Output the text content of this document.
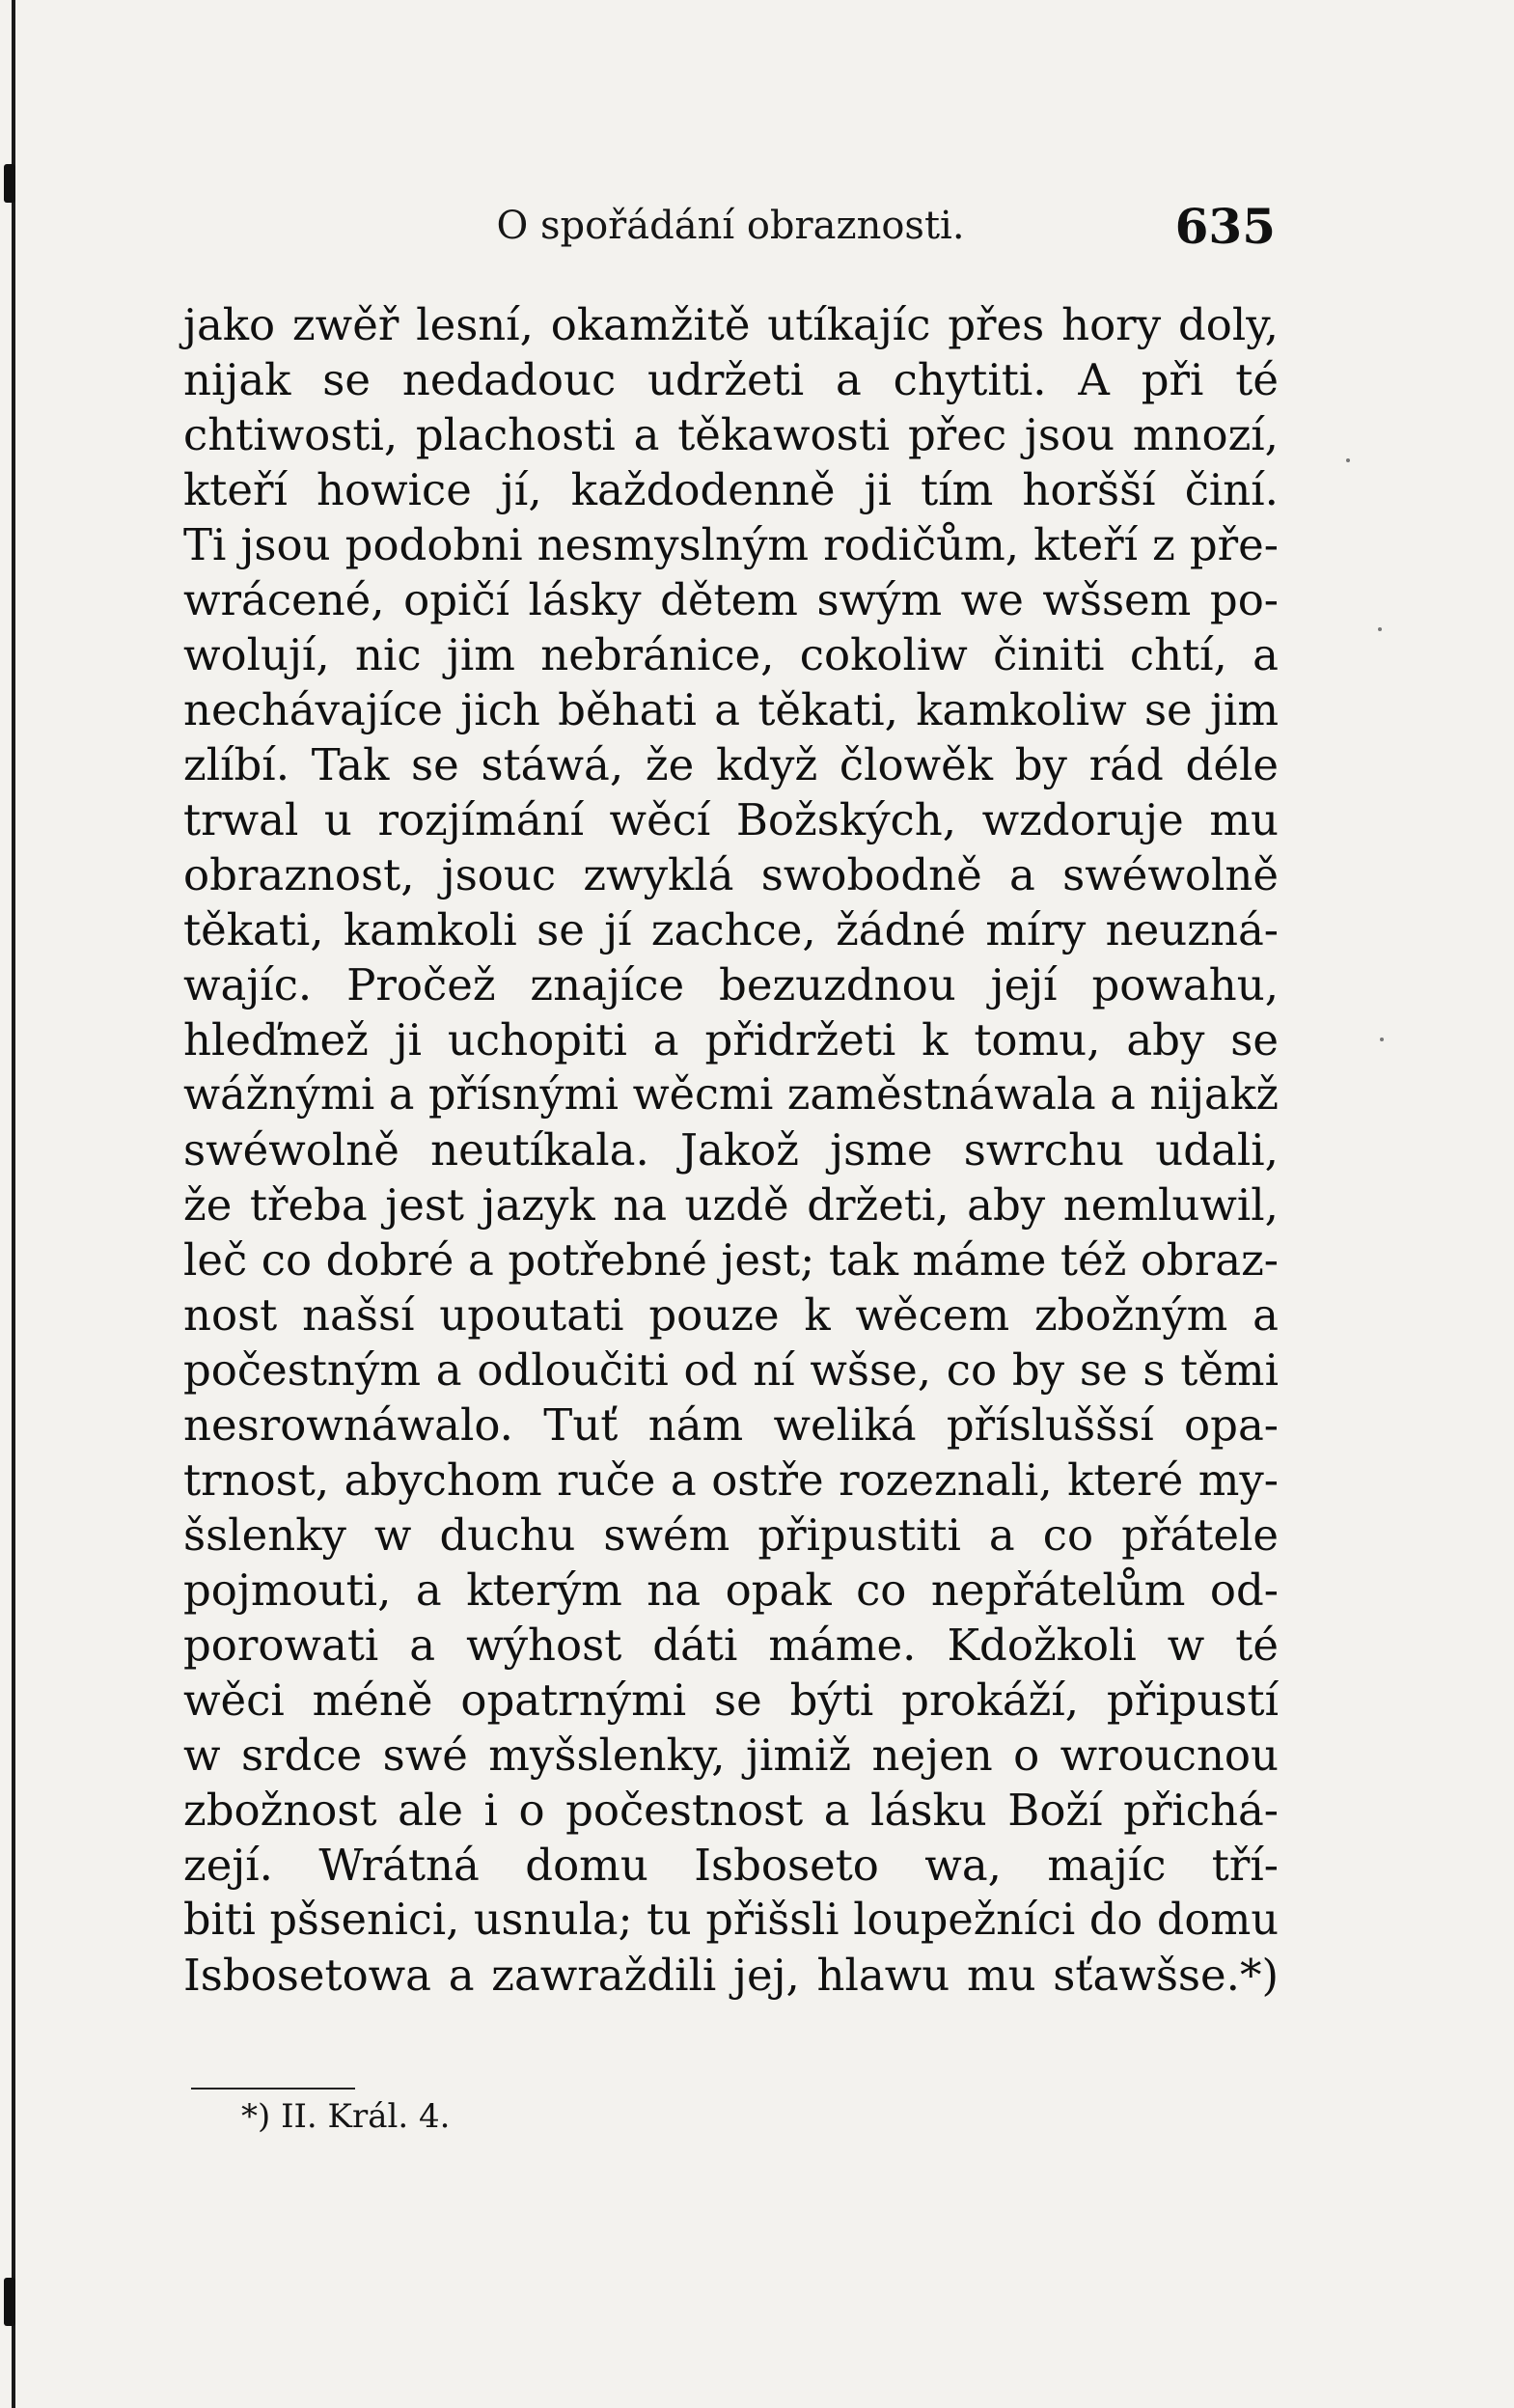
O spořádání obraznosti.	635
jako zwěř lesní, okamžitě utíkajíc přes hory doly,
nijak se nedadouc udržeti a chytiti. A při té
chtiwosti, plachosti a těkawosti přec jsou mnozí,
kteří howice jí, každodenně ji tím horšší činí.
Ti jsou podobni nesmyslným rodičům, kteří z pře-
wrácené, opičí lásky dětem swým we wšsem po-
wolují, nic jim nebránice, cokoliw činiti chtí, a
nechávajíce jich běhati a těkati, kamkoliw se jim
zlíbí. Tak se stáwá, že když člowěk by rád déle
trwal u rozjímání wěcí Božských, wzdoruje mu
obraznost, jsouc zwyklá swobodně a swéwolně
těkati, kamkoli se jí zachce, žádné míry neuzná-
wajíc. Pročež znajíce bezuzdnou její powahu,
hleďmež ji uchopiti a přidržeti k tomu, aby se
wážnými a přísnými wěcmi zaměstnáwala a nijakž
swéwolně neutíkala. Jakož jsme swrchu udali,
že třeba jest jazyk na uzdě držeti, aby nemluwil,
leč co dobré a potřebné jest; tak máme též obraz-
nost našsí upoutati pouze k wěcem zbožným a
počestným a odloučiti od ní wšse, co by se s těmi
nesrownáwalo. Tuť nám weliká přísluššsí opa-
trnost, abychom ruče a ostře rozeznali, které my-
šslenky w duchu swém připustiti a co přátele
pojmouti, a kterým na opak co nepřátelům od-
porowati a wýhost dáti máme. Kdožkoli w té
wěci méně opatrnými se býti prokáží, připustí
w srdce swé myšslenky, jimiž nejen o wroucnou
zbožnost ale i o počestnost a lásku Boží přichá-
zejí. Wrátná domu Isboseto wa, majíc tří-
biti pšsenici, usnula; tu přišsli loupežníci do domu
Isbosetowa a zawraždili jej, hlawu mu sťawšse.*)
*) II. Král. 4.
